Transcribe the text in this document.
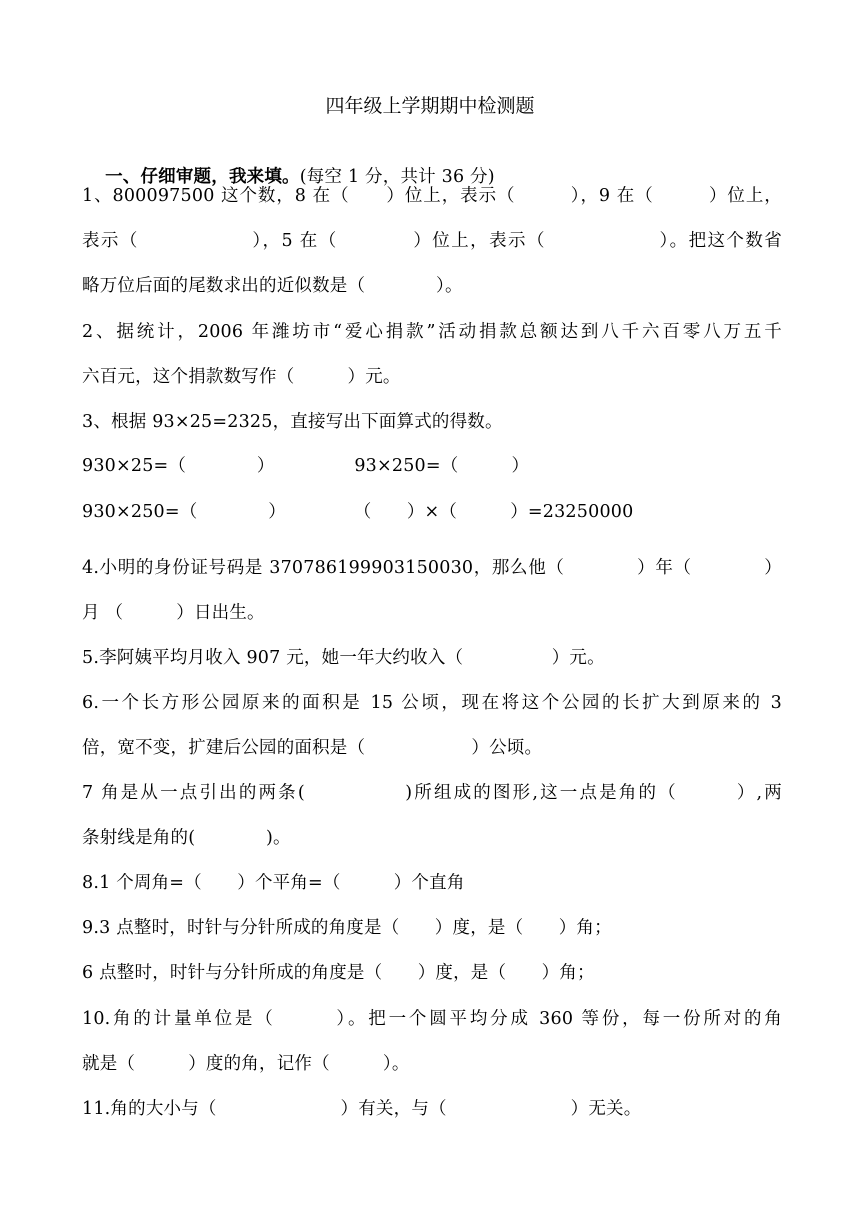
四年级上学期期中检测题

一、仔细审题，我来填。(每空 1 分，共计 36 分)

1、800097500 这个数，8 在（　　）位上，表示（　　　），9 在（　　　）位上，
表示（　　　　　　），5 在（　　　　）位上，表示（　　　　　　）。把这个数省
略万位后面的尾数求出的近似数是（　　　　）。
2、据统计，2006 年潍坊市“爱心捐款”活动捐款总额达到八千六百零八万五千
六百元，这个捐款数写作（　　　）元。
3、根据 93×25=2325，直接写出下面算式的得数。
930×25=（　　　　）　　　　　93×250=（　　　）
930×250=（　　　　）　　　　 （　　）×（　　　）=23250000
4.小明的身份证号码是 370786199903150030，那么他（　　　　）年（　　　　）
月 （　　　）日出生。
5.李阿姨平均月收入 907 元，她一年大约收入（　　　　　）元。
6.一个长方形公园原来的面积是 15 公顷，现在将这个公园的长扩大到原来的 3
倍，宽不变，扩建后公园的面积是（　　　　　　）公顷。
7 角是从一点引出的两条(　　　　　)所组成的图形,这一点是角的（　　　）,两
条射线是角的(　　　　)。
8.1 个周角=（　　）个平角=（　　　）个直角
9.3 点整时，时针与分针所成的角度是（　　）度，是（　　）角；
6 点整时，时针与分针所成的角度是（　　）度，是（　　）角；
10.角的计量单位是（　　　）。把一个圆平均分成 360 等份，每一份所对的角
就是（　　　）度的角，记作（　　　）。
11.角的大小与（　　　　　　　）有关，与（　　　　　　　）无关。
